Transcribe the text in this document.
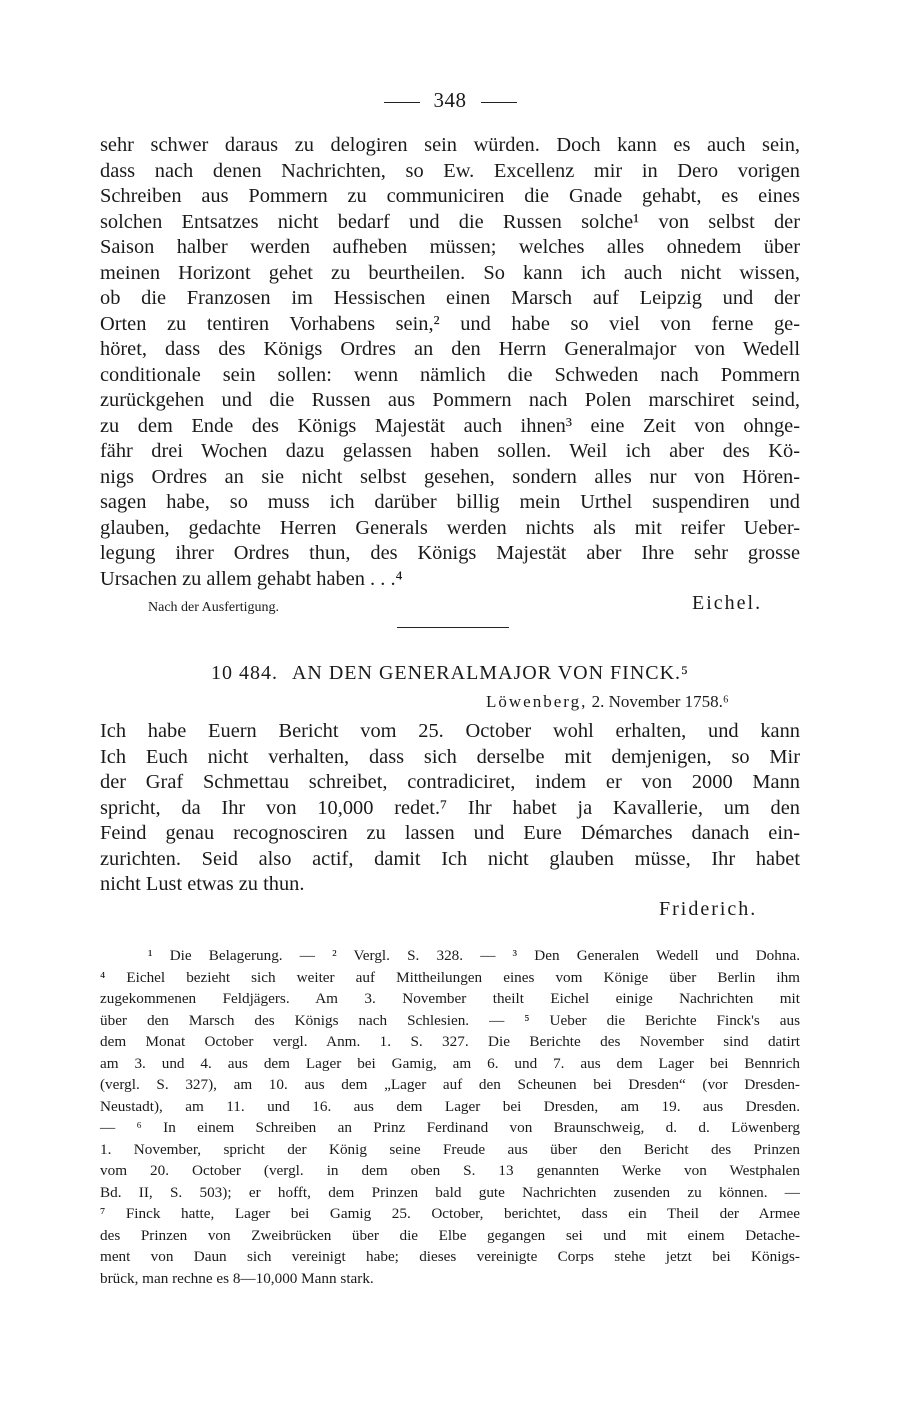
348
sehr schwer daraus zu delogiren sein würden. Doch kann es auch sein,
dass nach denen Nachrichten, so Ew. Excellenz mir in Dero vorigen
Schreiben aus Pommern zu communiciren die Gnade gehabt, es eines
solchen Entsatzes nicht bedarf und die Russen solche¹ von selbst der
Saison halber werden aufheben müssen; welches alles ohnedem über
meinen Horizont gehet zu beurtheilen. So kann ich auch nicht wissen,
ob die Franzosen im Hessischen einen Marsch auf Leipzig und der
Orten zu tentiren Vorhabens sein,² und habe so viel von ferne ge-
höret, dass des Königs Ordres an den Herrn Generalmajor von Wedell
conditionale sein sollen: wenn nämlich die Schweden nach Pommern
zurückgehen und die Russen aus Pommern nach Polen marschiret seind,
zu dem Ende des Königs Majestät auch ihnen³ eine Zeit von ohnge-
fähr drei Wochen dazu gelassen haben sollen. Weil ich aber des Kö-
nigs Ordres an sie nicht selbst gesehen, sondern alles nur von Hören-
sagen habe, so muss ich darüber billig mein Urthel suspendiren und
glauben, gedachte Herren Generals werden nichts als mit reifer Ueber-
legung ihrer Ordres thun, des Königs Majestät aber Ihre sehr grosse
Ursachen zu allem gehabt haben . . .⁴
Nach der Ausfertigung.	Eichel.
10 484. AN DEN GENERALMAJOR VON FINCK.⁵
Löwenberg, 2. November 1758.⁶
Ich habe Euern Bericht vom 25. October wohl erhalten, und kann
Ich Euch nicht verhalten, dass sich derselbe mit demjenigen, so Mir
der Graf Schmettau schreibet, contradiciret, indem er von 2000 Mann
spricht, da Ihr von 10,000 redet.⁷ Ihr habet ja Kavallerie, um den
Feind genau recognosciren zu lassen und Eure Démarches danach ein-
zurichten. Seid also actif, damit Ich nicht glauben müsse, Ihr habet
nicht Lust etwas zu thun.
Friderich.
¹ Die Belagerung. — ² Vergl. S. 328. — ³ Den Generalen Wedell und Dohna.
⁴ Eichel bezieht sich weiter auf Mittheilungen eines vom Könige über Berlin ihm
zugekommenen Feldjägers. Am 3. November theilt Eichel einige Nachrichten mit
über den Marsch des Königs nach Schlesien. — ⁵ Ueber die Berichte Finck's aus
dem Monat October vergl. Anm. 1. S. 327. Die Berichte des November sind datirt
am 3. und 4. aus dem Lager bei Gamig, am 6. und 7. aus dem Lager bei Bennrich
(vergl. S. 327), am 10. aus dem „Lager auf den Scheunen bei Dresden“ (vor Dresden-
Neustadt), am 11. und 16. aus dem Lager bei Dresden, am 19. aus Dresden.
— ⁶ In einem Schreiben an Prinz Ferdinand von Braunschweig, d. d. Löwenberg
1. November, spricht der König seine Freude aus über den Bericht des Prinzen
vom 20. October (vergl. in dem oben S. 13 genannten Werke von Westphalen
Bd. II, S. 503); er hofft, dem Prinzen bald gute Nachrichten zusenden zu können. —
⁷ Finck hatte, Lager bei Gamig 25. October, berichtet, dass ein Theil der Armee
des Prinzen von Zweibrücken über die Elbe gegangen sei und mit einem Detache-
ment von Daun sich vereinigt habe; dieses vereinigte Corps stehe jetzt bei Königs-
brück, man rechne es 8—10,000 Mann stark.
